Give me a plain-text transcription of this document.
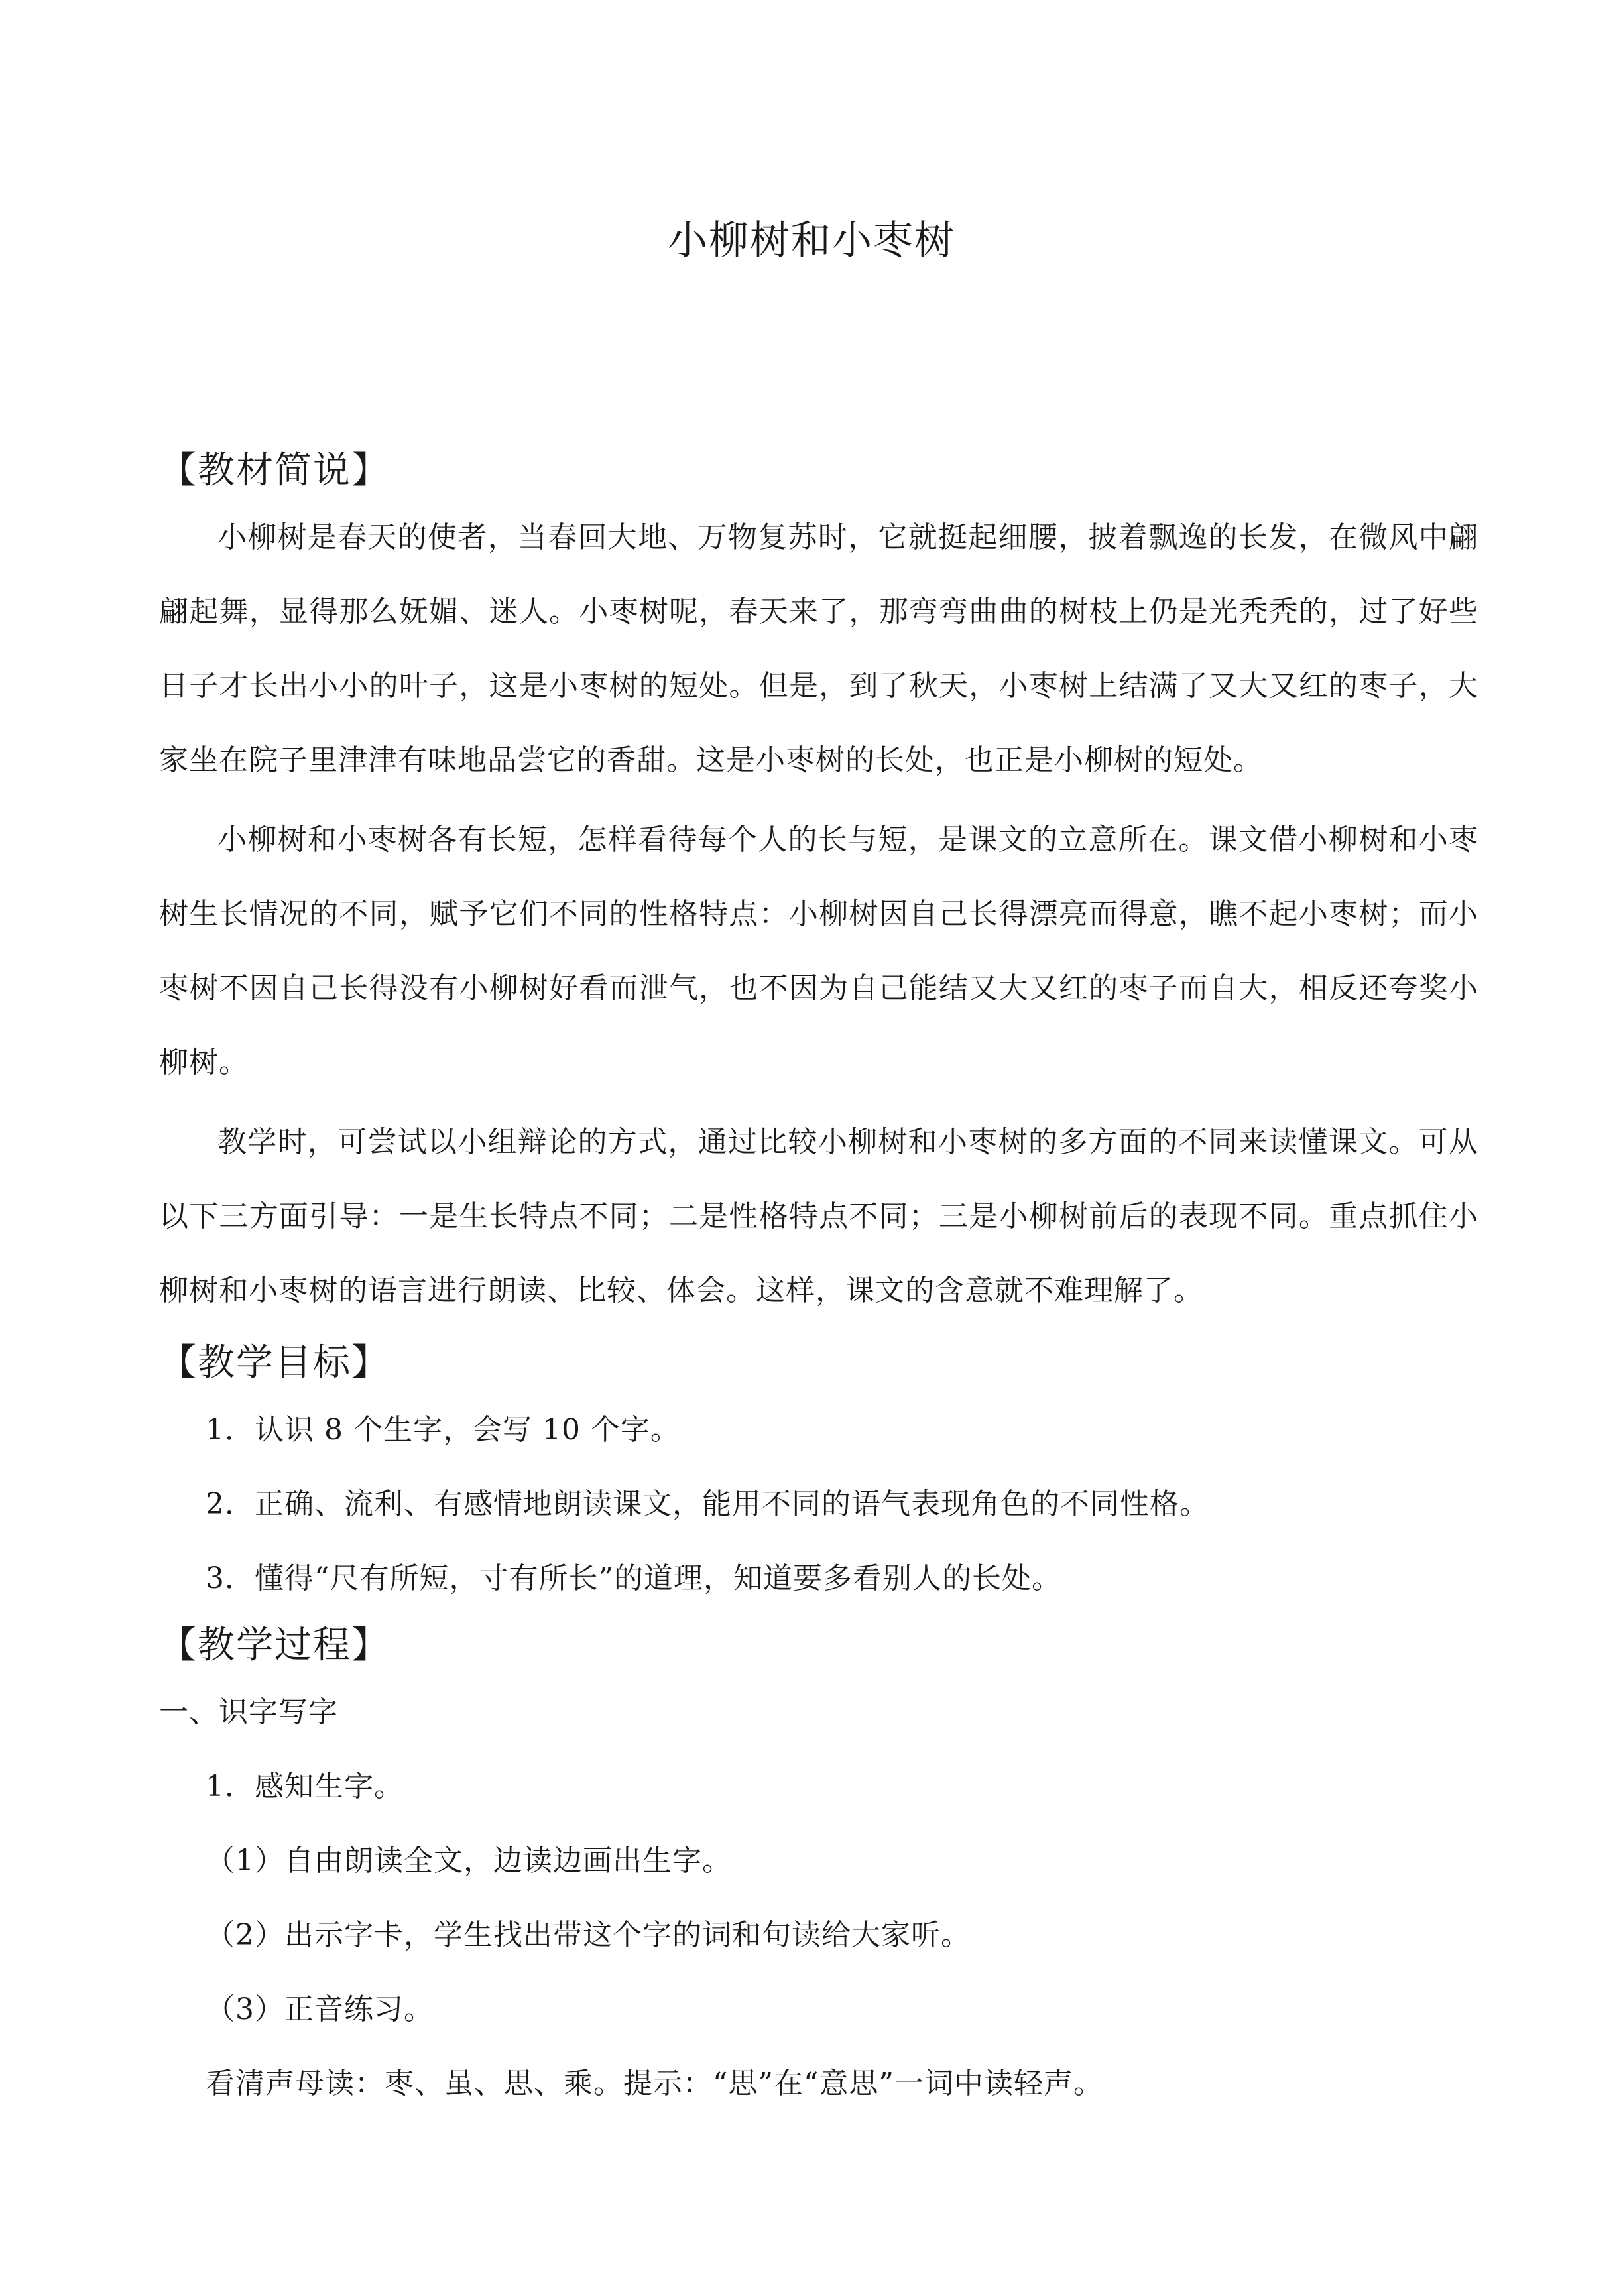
小柳树和小枣树
【教材简说】

小柳树是春天的使者，当春回大地、万物复苏时，它就挺起细腰，披着飘逸的长发，在微风中翩翩起舞，显得那么妩媚、迷人。小枣树呢，春天来了，那弯弯曲曲的树枝上仍是光秃秃的，过了好些日子才长出小小的叶子，这是小枣树的短处。但是，到了秋天，小枣树上结满了又大又红的枣子，大家坐在院子里津津有味地品尝它的香甜。这是小枣树的长处，也正是小柳树的短处。

小柳树和小枣树各有长短，怎样看待每个人的长与短，是课文的立意所在。课文借小柳树和小枣树生长情况的不同，赋予它们不同的性格特点：小柳树因自己长得漂亮而得意，瞧不起小枣树；而小枣树不因自己长得没有小柳树好看而泄气，也不因为自己能结又大又红的枣子而自大，相反还夸奖小柳树。

教学时，可尝试以小组辩论的方式，通过比较小柳树和小枣树的多方面的不同来读懂课文。可从以下三方面引导：一是生长特点不同；二是性格特点不同；三是小柳树前后的表现不同。重点抓住小柳树和小枣树的语言进行朗读、比较、体会。这样，课文的含意就不难理解了。

【教学目标】

1．认识 8 个生字，会写 10 个字。

2．正确、流利、有感情地朗读课文，能用不同的语气表现角色的不同性格。

3．懂得“尺有所短，寸有所长”的道理，知道要多看别人的长处。

【教学过程】

一、识字写字

1．感知生字。

（1）自由朗读全文，边读边画出生字。

（2）出示字卡，学生找出带这个字的词和句读给大家听。

（3）正音练习。

看清声母读：枣、虽、思、乘。提示：“思”在“意思”一词中读轻声。
